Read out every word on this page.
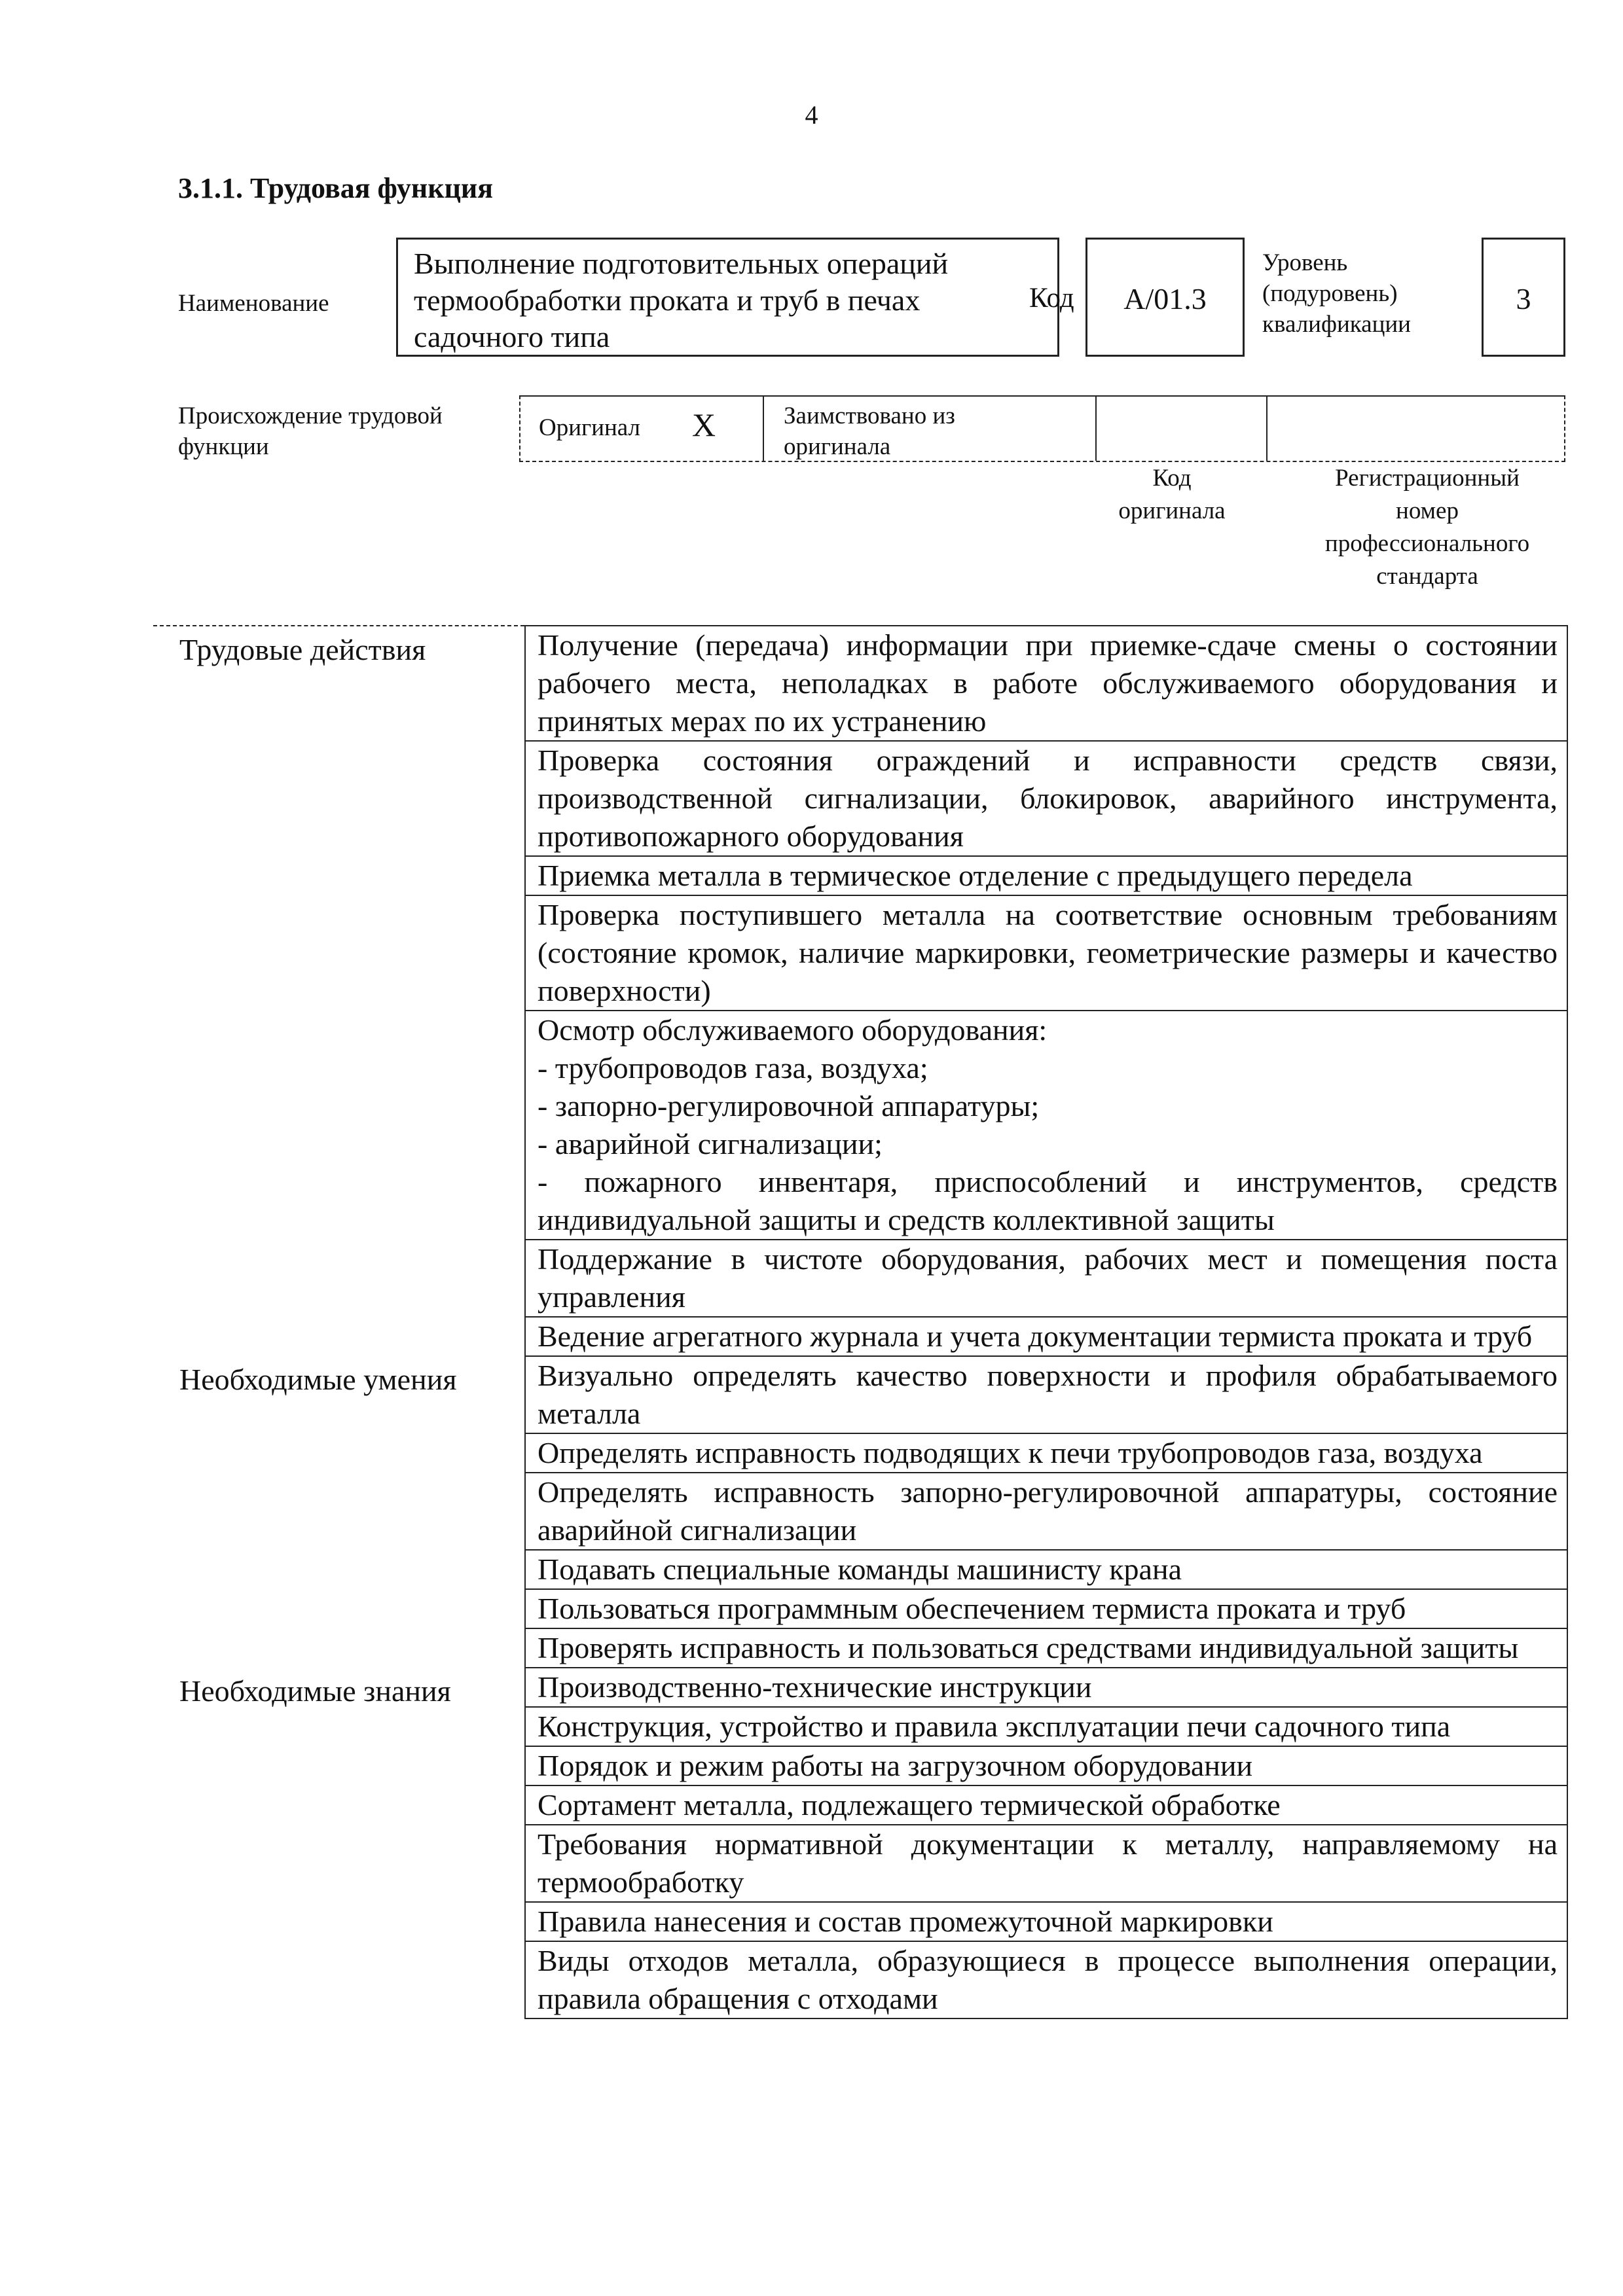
4
3.1.1. Трудовая функция
Наименование
Выполнение подготовительных операций
термообработки проката и труб в печах
садочного типа
Код	А/01.3
Уровень
(подуровень)
квалификации
3
Происхождение трудовой
функции
Оригинал X	Заимствовано из
оригинала
Код
оригинала
Регистрационный
номер
профессионального
стандарта
Трудовые действия	Получение (передача) информации при приемке-сдаче смены о состоянии рабочего места, неполадках в работе обслуживаемого оборудования и принятых мерах по их устранению
	Проверка состояния ограждений и исправности средств связи, производственной сигнализации, блокировок, аварийного инструмента, противопожарного оборудования
	Приемка металла в термическое отделение с предыдущего передела
	Проверка поступившего металла на соответствие основным требованиям (состояние кромок, наличие маркировки, геометрические размеры и качество поверхности)

	Осмотр обслуживаемого оборудования:
- трубопроводов газа, воздуха;
- запорно-регулировочной аппаратуры;
- аварийной сигнализации;
- пожарного инвентаря, приспособлений и инструментов, средств индивидуальной защиты и средств коллективной защиты

	Поддержание в чистоте оборудования, рабочих мест и помещения поста управления
	Ведение агрегатного журнала и учета документации термиста проката и труб
Необходимые умения	Визуально определять качество поверхности и профиля обрабатываемого металла
	Определять исправность подводящих к печи трубопроводов газа, воздуха
	Определять исправность запорно-регулировочной аппаратуры, состояние аварийной сигнализации
	Подавать специальные команды машинисту крана
	Пользоваться программным обеспечением термиста проката и труб
	Проверять исправность и пользоваться средствами индивидуальной защиты
Необходимые знания	Производственно-технические инструкции
	Конструкция, устройство и правила эксплуатации печи садочного типа
	Порядок и режим работы на загрузочном оборудовании
	Сортамент металла, подлежащего термической обработке
	Требования нормативной документации к металлу, направляемому на термообработку
	Правила нанесения и состав промежуточной маркировки
	Виды отходов металла, образующиеся в процессе выполнения операции, правила обращения с отходами
